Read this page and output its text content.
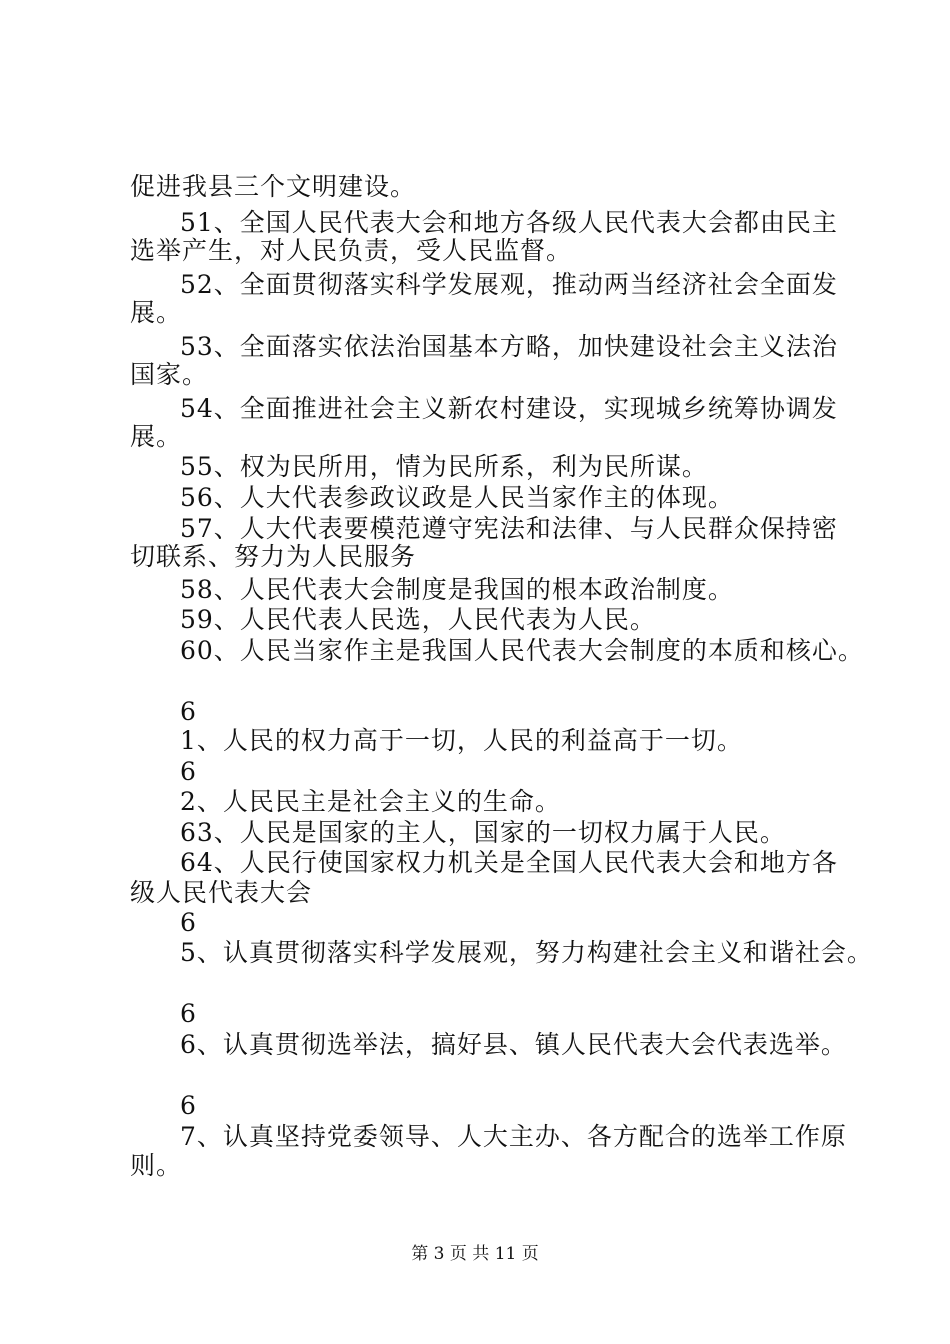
促进我县三个文明建设。
51、全国人民代表大会和地方各级人民代表大会都由民主
选举产生，对人民负责，受人民监督。
52、全面贯彻落实科学发展观，推动两当经济社会全面发
展。
53、全面落实依法治国基本方略，加快建设社会主义法治
国家。
54、全面推进社会主义新农村建设，实现城乡统筹协调发
展。
55、权为民所用，情为民所系，利为民所谋。
56、人大代表参政议政是人民当家作主的体现。
57、人大代表要模范遵守宪法和法律、与人民群众保持密
切联系、努力为人民服务
58、人民代表大会制度是我国的根本政治制度。
59、人民代表人民选，人民代表为人民。
60、人民当家作主是我国人民代表大会制度的本质和核心。
6
1、人民的权力高于一切，人民的利益高于一切。
6
2、人民民主是社会主义的生命。
63、人民是国家的主人，国家的一切权力属于人民。
64、人民行使国家权力机关是全国人民代表大会和地方各
级人民代表大会
6
5、认真贯彻落实科学发展观，努力构建社会主义和谐社会。
6
6、认真贯彻选举法，搞好县、镇人民代表大会代表选举。
6
7、认真坚持党委领导、人大主办、各方配合的选举工作原
则。
第 3 页 共 11 页
